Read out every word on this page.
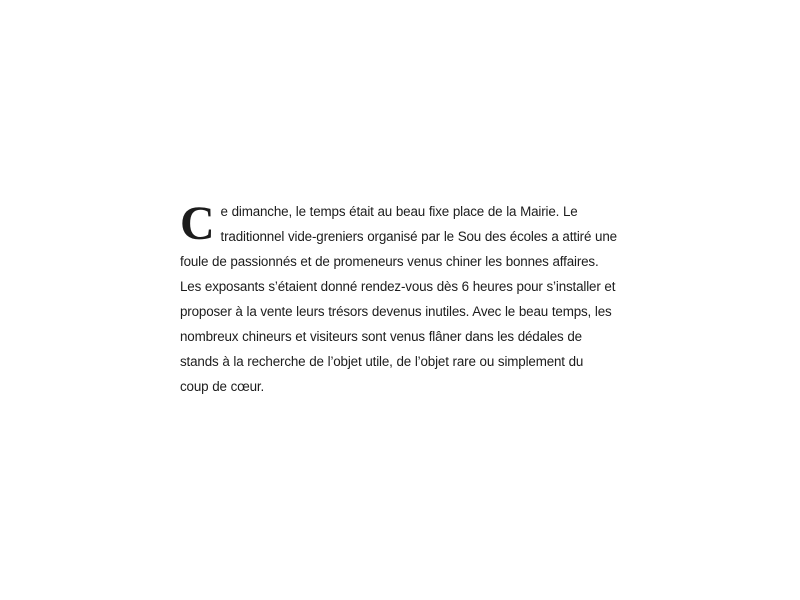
C e dimanche, le temps était au beau fixe place de la Mairie. Le
traditionnel vide-greniers organisé par le Sou des écoles a attiré une
foule de passionnés et de promeneurs venus chiner les bonnes affaires.
Les exposants s’étaient donné rendez-vous dès 6 heures pour s’installer et
proposer à la vente leurs trésors devenus inutiles. Avec le beau temps, les
nombreux chineurs et visiteurs sont venus flâner dans les dédales de
stands à la recherche de l’objet utile, de l’objet rare ou simplement du
coup de cœur.
